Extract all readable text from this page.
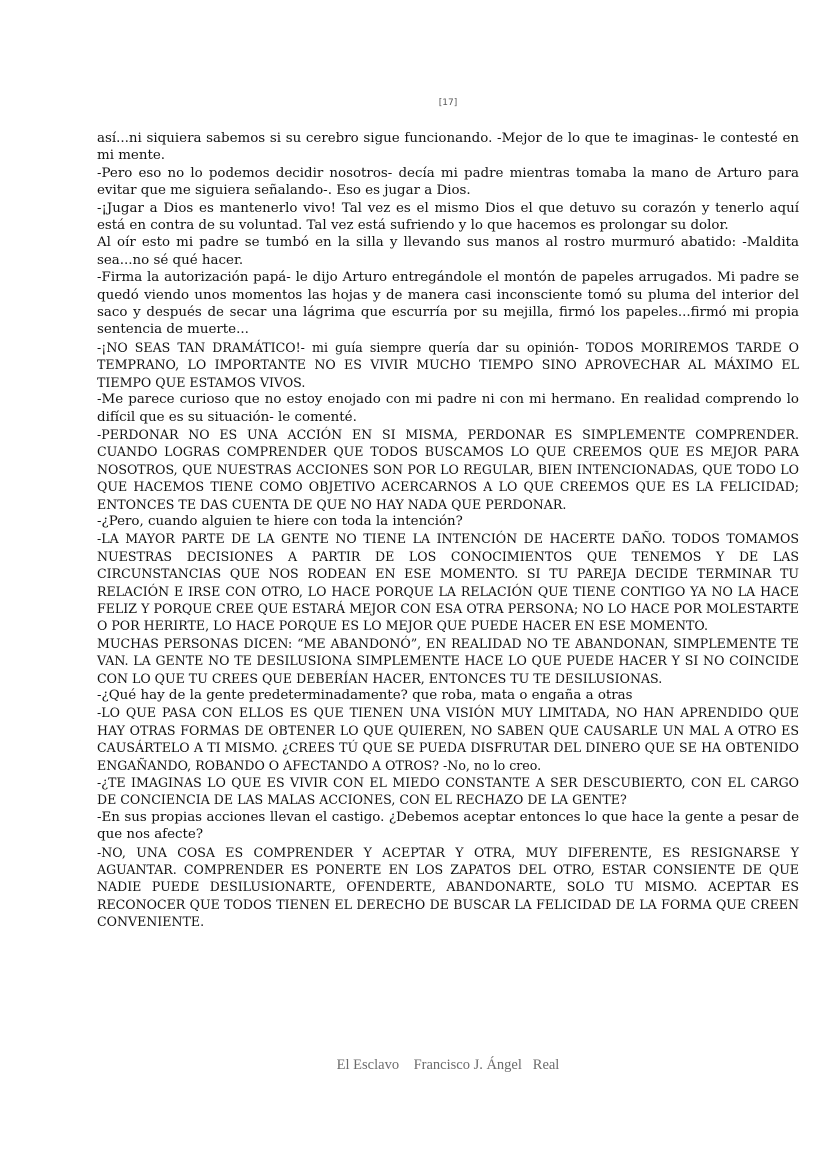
[17]

así...ni siquiera sabemos si su cerebro sigue funcionando. -Mejor de lo que te imaginas- le contesté en mi mente.

-Pero eso no lo podemos decidir nosotros- decía mi padre mientras tomaba la mano de Arturo para evitar que me siguiera señalando-. Eso es jugar a Dios.

-¡Jugar a Dios es mantenerlo vivo! Tal vez es el mismo Dios el que detuvo su corazón y tenerlo aquí está en contra de su voluntad. Tal vez está sufriendo y lo que hacemos es prolongar su dolor.

Al oír esto mi padre se tumbó en la silla y llevando sus manos al rostro murmuró abatido: -Maldita sea...no sé qué hacer.

-Firma la autorización papá- le dijo Arturo entregándole el montón de papeles arrugados. Mi padre se quedó viendo unos momentos las hojas y de manera casi inconsciente tomó su pluma del interior del saco y después de secar una lágrima que escurría por su mejilla, firmó los papeles...firmó mi propia sentencia de muerte...

-¡NO SEAS TAN DRAMÁTICO!- mi guía siempre quería dar su opinión- TODOS MORIREMOS TARDE O TEMPRANO, LO IMPORTANTE NO ES VIVIR MUCHO TIEMPO SINO APROVECHAR AL MÁXIMO EL TIEMPO QUE ESTAMOS VIVOS.

-Me parece curioso que no estoy enojado con mi padre ni con mi hermano. En realidad comprendo lo difícil que es su situación- le comenté.

-PERDONAR NO ES UNA ACCIÓN EN SI MISMA, PERDONAR ES SIMPLEMENTE COMPRENDER. CUANDO LOGRAS COMPRENDER QUE TODOS BUSCAMOS LO QUE CREEMOS QUE ES MEJOR PARA NOSOTROS, QUE NUESTRAS ACCIONES SON POR LO REGULAR, BIEN INTENCIONADAS, QUE TODO LO QUE HACEMOS TIENE COMO OBJETIVO ACERCARNOS A LO QUE CREEMOS QUE ES LA FELICIDAD; ENTONCES TE DAS CUENTA DE QUE NO HAY NADA QUE PERDONAR.

-¿Pero, cuando alguien te hiere con toda la intención?

-LA MAYOR PARTE DE LA GENTE NO TIENE LA INTENCIÓN DE HACERTE DAÑO. TODOS TOMAMOS NUESTRAS DECISIONES A PARTIR DE LOS CONOCIMIENTOS QUE TENEMOS Y DE LAS CIRCUNSTANCIAS QUE NOS RODEAN EN ESE MOMENTO. SI TU PAREJA DECIDE TERMINAR TU RELACIÓN E IRSE CON OTRO, LO HACE PORQUE LA RELACIÓN QUE TIENE CONTIGO YA NO LA HACE FELIZ Y PORQUE CREE QUE ESTARÁ MEJOR CON ESA OTRA PERSONA; NO LO HACE POR MOLESTARTE O POR HERIRTE, LO HACE PORQUE ES LO MEJOR QUE PUEDE HACER EN ESE MOMENTO.

MUCHAS PERSONAS DICEN: “ME ABANDONÓ”, EN REALIDAD NO TE ABANDONAN, SIMPLEMENTE TE VAN. LA GENTE NO TE DESILUSIONA SIMPLEMENTE HACE LO QUE PUEDE HACER Y SI NO COINCIDE CON LO QUE TU CREES QUE DEBERÍAN HACER, ENTONCES TU TE DESILUSIONAS.

-¿Qué hay de la gente predeterminadamente? que roba, mata o engaña a otras

-LO QUE PASA CON ELLOS ES QUE TIENEN UNA VISIÓN MUY LIMITADA, NO HAN APRENDIDO QUE HAY OTRAS FORMAS DE OBTENER LO QUE QUIEREN, NO SABEN QUE CAUSARLE UN MAL A OTRO ES CAUSÁRTELO A TI MISMO. ¿CREES TÚ QUE SE PUEDA DISFRUTAR DEL DINERO QUE SE HA OBTENIDO ENGAÑANDO, ROBANDO O AFECTANDO A OTROS? -No, no lo creo.

-¿TE IMAGINAS LO QUE ES VIVIR CON EL MIEDO CONSTANTE A SER DESCUBIERTO, CON EL CARGO DE CONCIENCIA DE LAS MALAS ACCIONES, CON EL RECHAZO DE LA GENTE?

-En sus propias acciones llevan el castigo. ¿Debemos aceptar entonces lo que hace la gente a pesar de que nos afecte?

-NO, UNA COSA ES COMPRENDER Y ACEPTAR Y OTRA, MUY DIFERENTE, ES RESIGNARSE Y AGUANTAR. COMPRENDER ES PONERTE EN LOS ZAPATOS DEL OTRO, ESTAR CONSIENTE DE QUE NADIE PUEDE DESILUSIONARTE, OFENDERTE, ABANDONARTE, SOLO TU MISMO. ACEPTAR ES RECONOCER QUE TODOS TIENEN EL DERECHO DE BUSCAR LA FELICIDAD DE LA FORMA QUE CREEN CONVENIENTE.

El Esclavo    Francisco J. Ángel   Real
